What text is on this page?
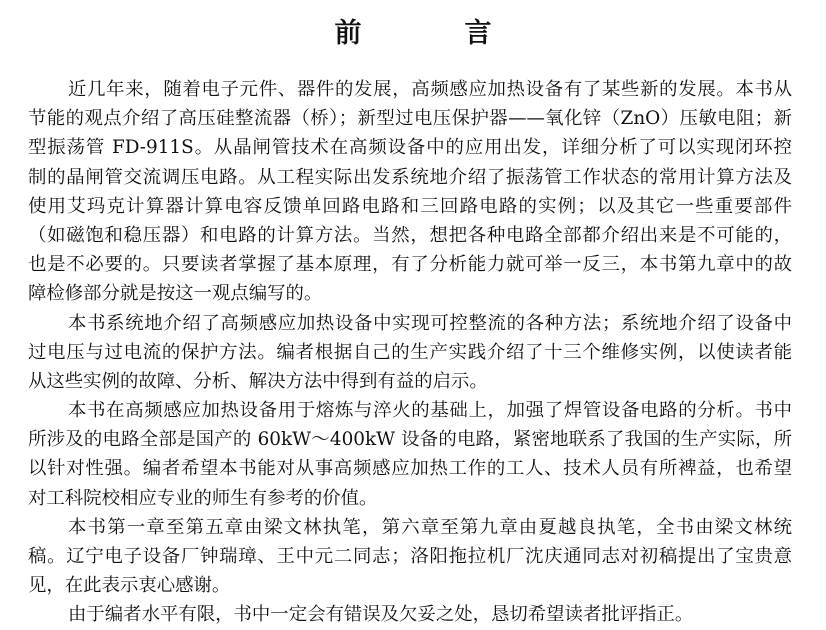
前　言
近几年来，随着电子元件、器件的发展，高频感应加热设备有了某些新的发展。本书从
节能的观点介绍了高压硅整流器（桥）；新型过电压保护器——氧化锌（ZnO）压敏电阻；新
型振荡管 FD-911S。从晶闸管技术在高频设备中的应用出发，详细分析了可以实现闭环控
制的晶闸管交流调压电路。从工程实际出发系统地介绍了振荡管工作状态的常用计算方法及
使用艾玛克计算器计算电容反馈单回路电路和三回路电路的实例；以及其它一些重要部件
（如磁饱和稳压器）和电路的计算方法。当然，想把各种电路全部都介绍出来是不可能的，
也是不必要的。只要读者掌握了基本原理，有了分析能力就可举一反三，本书第九章中的故
障检修部分就是按这一观点编写的。
本书系统地介绍了高频感应加热设备中实现可控整流的各种方法；系统地介绍了设备中
过电压与过电流的保护方法。编者根据自己的生产实践介绍了十三个维修实例，以使读者能
从这些实例的故障、分析、解决方法中得到有益的启示。
本书在高频感应加热设备用于熔炼与淬火的基础上，加强了焊管设备电路的分析。书中
所涉及的电路全部是国产的 60kW～400kW 设备的电路，紧密地联系了我国的生产实际，所
以针对性强。编者希望本书能对从事高频感应加热工作的工人、技术人员有所裨益，也希望
对工科院校相应专业的师生有参考的价值。
本书第一章至第五章由梁文林执笔，第六章至第九章由夏越良执笔，全书由梁文林统
稿。辽宁电子设备厂钟瑞璋、王中元二同志；洛阳拖拉机厂沈庆通同志对初稿提出了宝贵意
见，在此表示衷心感谢。
由于编者水平有限，书中一定会有错误及欠妥之处，恳切希望读者批评指正。
